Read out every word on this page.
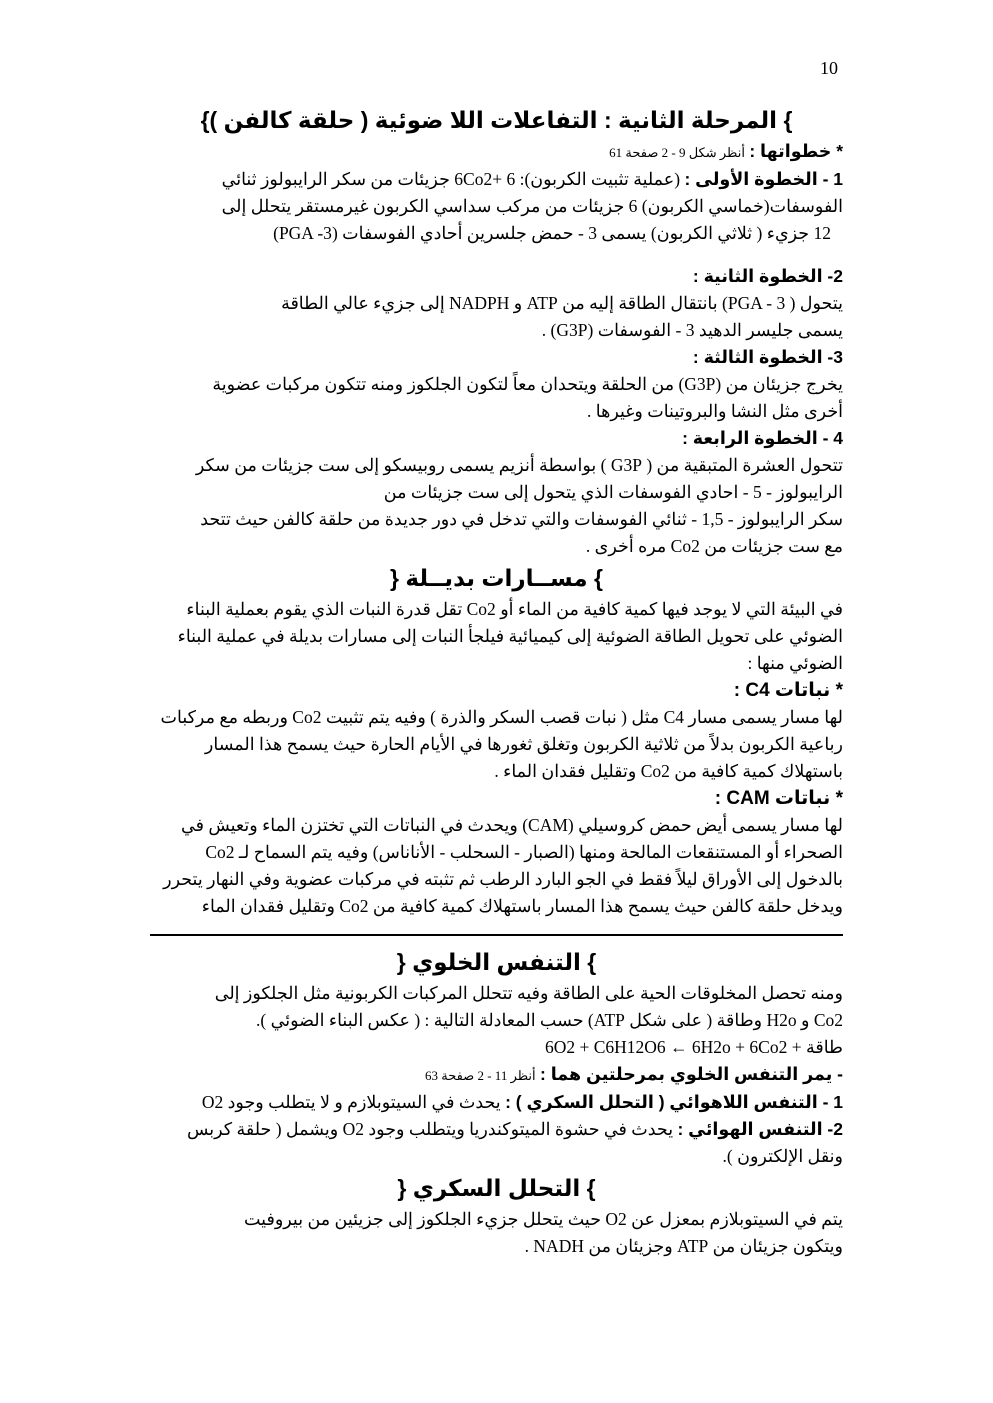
10
} المرحلة الثانية : التفاعلات اللا ضوئية ( حلقة كالفن )}

* خطواتها : أنظر شكل 9 - 2 صفحة 61

1 - الخطوة الأولى : (عملية تثبيت الكربون): 6 +6Co2 جزيئات من سكر الرايبولوز ثنائي

الفوسفات(خماسي الكربون) 6 جزيئات من مركب سداسي الكربون غيرمستقر يتحلل إلى

12 جزيء ( ثلاثي الكربون) يسمى 3 - حمض جلسرين أحادي الفوسفات (PGA -3)

2- الخطوة الثانية :

يتحول ( PGA - 3) بانتقال الطاقة إليه من ATP و NADPH إلى جزيء عالي الطاقة

يسمى جليسر الدهيد 3 - الفوسفات (G3P) .

3- الخطوة الثالثة :

يخرج جزيئان من (G3P) من الحلقة ويتحدان معاً لتكون الجلكوز ومنه تتكون مركبات عضوية

أخرى مثل النشا والبروتينات وغيرها .

4 - الخطوة الرابعة :

تتحول العشرة المتبقية من ( G3P ) بواسطة أنزيم يسمى روبيسكو إلى ست جزيئات من سكر

الرايبولوز - 5 - احادي الفوسفات الذي يتحول إلى ست جزيئات من

سكر الرايبولوز - 1,5 - ثنائي الفوسفات والتي تدخل في دور جديدة من حلقة كالفن حيث تتحد

مع ست جزيئات من Co2 مره أخرى .

} مســارات بديــلة {

في البيئة التي لا يوجد فيها كمية كافية من الماء أو Co2 تقل قدرة النبات الذي يقوم بعملية البناء الضوئي على تحويل الطاقة الضوئية إلى كيميائية فيلجأ النبات إلى مسارات بديلة في عملية البناء الضوئي منها :

* نباتات C4 :

لها مسار يسمى مسار C4 مثل ( نبات قصب السكر والذرة ) وفيه يتم تثبيت Co2 وربطه مع مركبات رباعية الكربون بدلاً من ثلاثية الكربون وتغلق ثغورها في الأيام الحارة حيث يسمح هذا المسار باستهلاك كمية كافية من Co2 وتقليل فقدان الماء .

* نباتات CAM :

لها مسار يسمى أيض حمض كروسيلي (CAM) ويحدث في النباتات التي تختزن الماء وتعيش في الصحراء أو المستنقعات المالحة ومنها (الصبار - السحلب - الأناناس) وفيه يتم السماح لـ Co2 بالدخول إلى الأوراق ليلاً فقط في الجو البارد الرطب ثم تثبته في مركبات عضوية وفي النهار يتحرر ويدخل حلقة كالفن حيث يسمح هذا المسار باستهلاك كمية كافية من Co2 وتقليل فقدان الماء

} التنفس الخلوي {

ومنه تحصل المخلوقات الحية على الطاقة وفيه تتحلل المركبات الكربونية مثل الجلكوز إلى

Co2 و H2o وطاقة ( على شكل ATP) حسب المعادلة التالية : ( عكس البناء الضوئي ).

طاقة + 6O2 + C6H12O6 ← 6H2o + 6Co2

- يمر التنفس الخلوي بمرحلتين هما : أنظر 11 - 2 صفحة 63

1 - التنفس اللاهوائي ( التحلل السكري ) : يحدث في السيتوبلازم و لا يتطلب وجود O2

2- التنفس الهوائي : يحدث في حشوة الميتوكندريا ويتطلب وجود O2 ويشمل ( حلقة كربس

ونقل الإلكترون ).

} التحلل السكري {

يتم في السيتوبلازم بمعزل عن O2 حيث يتحلل جزيء الجلكوز إلى جزيئين من بيروفيت

ويتكون جزيئان من ATP وجزيئان من NADH .
